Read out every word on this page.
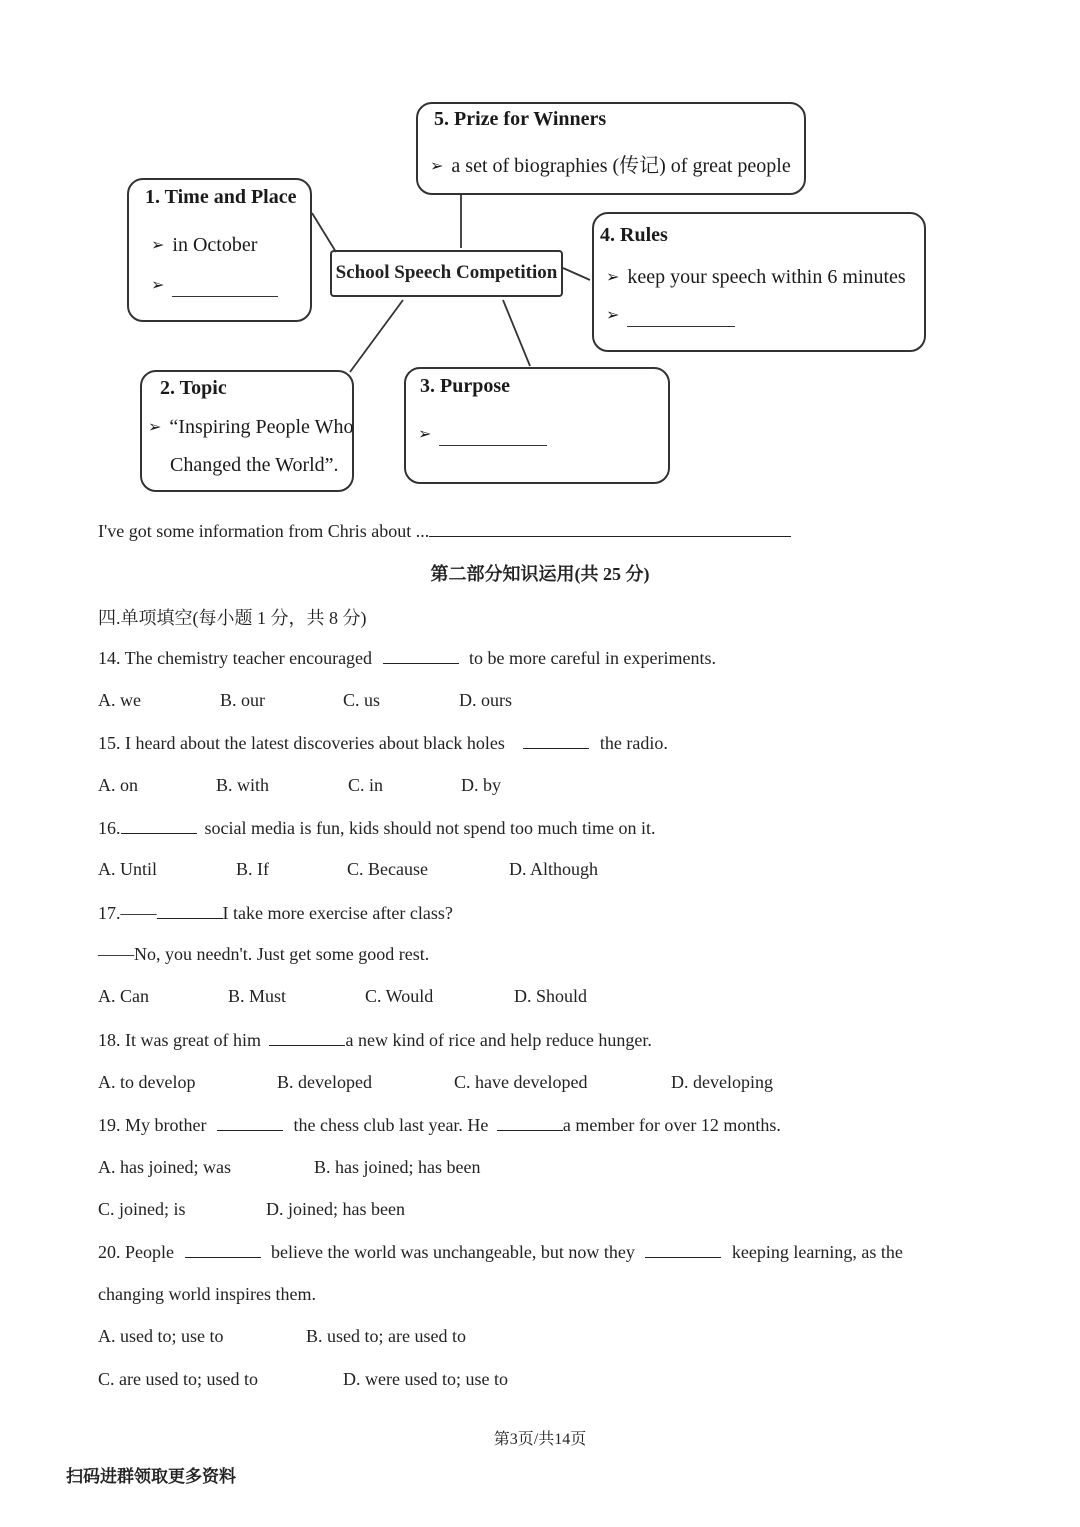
School Speech Competition
5. Prize for Winners
➢ a set of biographies (传记) of great people
1. Time and Place
➢ in October
➢
4. Rules
➢ keep your speech within 6 minutes
➢
2. Topic
➢ “Inspiring People Who
Changed the World”.
3. Purpose
➢
I've got some information from Chris about ...
第二部分知识运用(共 25 分)
四.单项填空(每小题 1 分，共 8 分)
14. The chemistry teacher encouraged	to be more careful in experiments.
A. we	B. our	C. us	D. ours
15. I heard about the latest discoveries about black holes	the radio.
A. on	B. with	C. in	D. by
16.	social media is fun, kids should not spend too much time on it.
A. Until	B. If	C. Because	D. Although
17.——	I take more exercise after class?
——No, you needn't. Just get some good rest.
A. Can	B. Must	C. Would	D. Should
18. It was great of him	a new kind of rice and help reduce hunger.
A. to develop	B. developed	C. have developed	D. developing
19. My brother	the chess club last year. He	a member for over 12 months.
A. has joined; was	B. has joined; has been
C. joined; is	D. joined; has been
20. People	believe the world was unchangeable, but now they	keeping learning, as the
changing world inspires them.
A. used to; use to	B. used to; are used to
C. are used to; used to	D. were used to; use to
第3页/共14页
扫码进群领取更多资料
